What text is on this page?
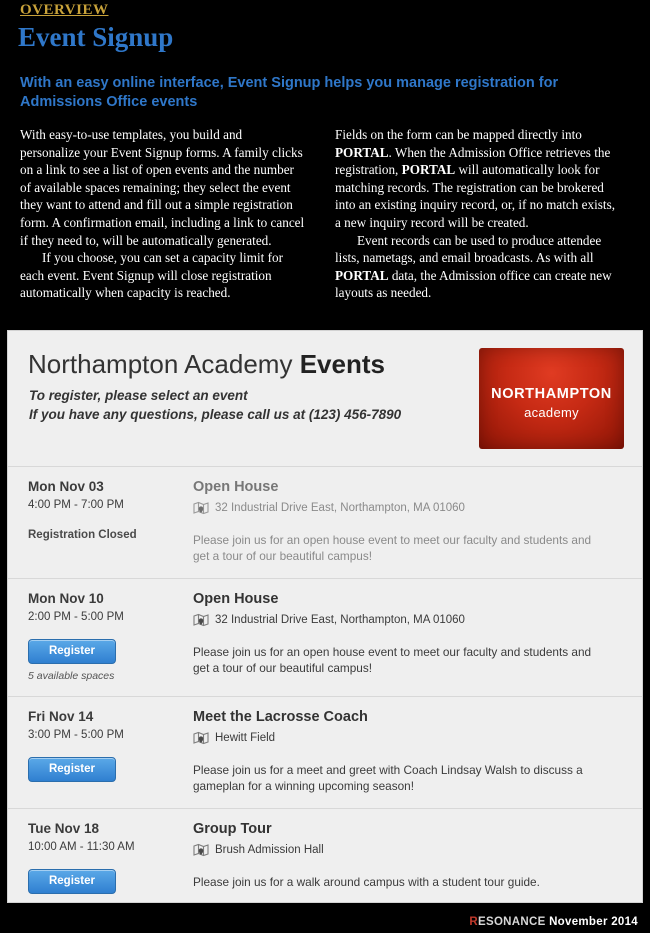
OVERVIEW
Event Signup
With an easy online interface, Event Signup helps you manage registration for Admissions Office events

With easy-to-use templates, you build and personalize your Event Signup forms. A family clicks on a link to see a list of open events and the number of available spaces remaining; they select the event they want to attend and fill out a simple registration form. A confirmation email, including a link to cancel if they need to, will be automatically generated.

If you choose, you can set a capacity limit for each event. Event Signup will close registration automatically when capacity is reached.

Fields on the form can be mapped directly into PORTAL. When the Admission Office retrieves the registration, PORTAL will automatically look for matching records. The registration can be brokered into an existing inquiry record, or, if no match exists, a new inquiry record will be created.

Event records can be used to produce attendee lists, nametags, and email broadcasts. As with all PORTAL data, the Admission office can create new layouts as needed.

Northampton Academy Events
To register, please select an event
If you have any questions, please call us at (123) 456-7890
NORTHAMPTON
academy
Mon Nov 03
4:00 PM - 7:00 PM
Registration Closed
Open House
32 Industrial Drive East, Northampton, MA 01060
Please join us for an open house event to meet our faculty and students and get a tour of our beautiful campus!
Mon Nov 10
2:00 PM - 5:00 PM
Register
5 available spaces
Open House
32 Industrial Drive East, Northampton, MA 01060
Please join us for an open house event to meet our faculty and students and get a tour of our beautiful campus!
Fri Nov 14
3:00 PM - 5:00 PM
Register
Meet the Lacrosse Coach
Hewitt Field
Please join us for a meet and greet with Coach Lindsay Walsh to discuss a gameplan for a winning upcoming season!
Tue Nov 18
10:00 AM - 11:30 AM
Register
Group Tour
Brush Admission Hall
Please join us for a walk around campus with a student tour guide.
RESONANCE November 2014
